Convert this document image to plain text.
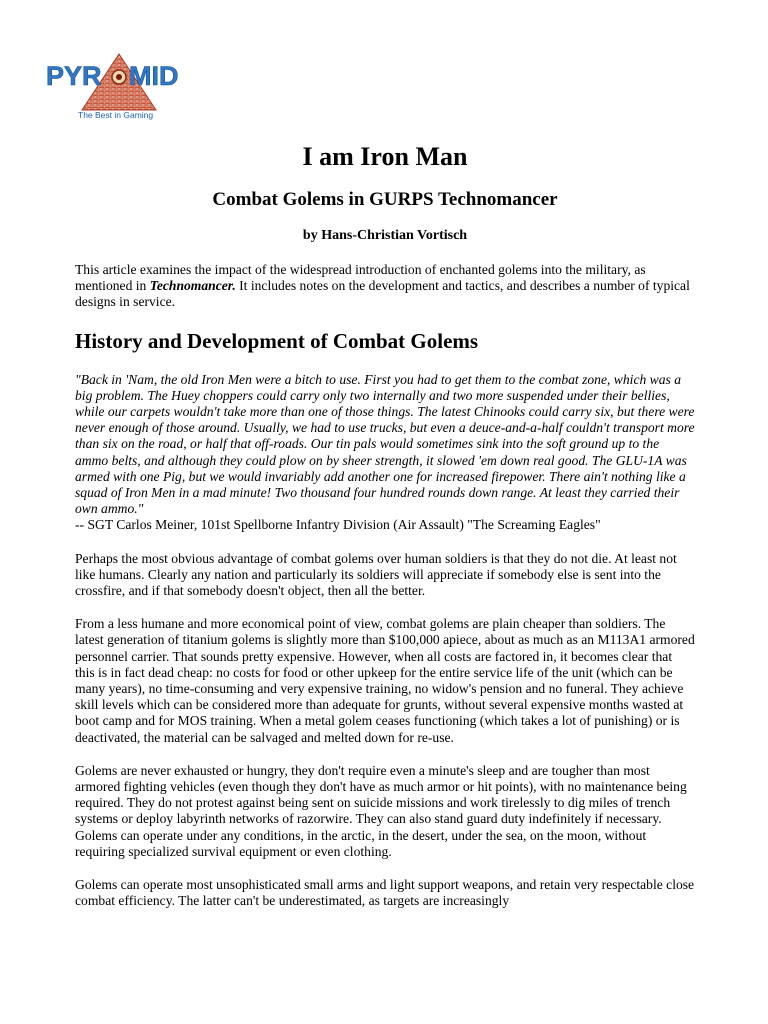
PYR MID
The Best in Gaming
I am Iron Man
Combat Golems in GURPS Technomancer
by Hans-Christian Vortisch

This article examines the impact of the widespread introduction of enchanted golems into the military, as mentioned in Technomancer. It includes notes on the development and tactics, and describes a number of typical designs in service.

History and Development of Combat Golems

"Back in 'Nam, the old Iron Men were a bitch to use. First you had to get them to the combat zone, which was a big problem. The Huey choppers could carry only two internally and two more suspended under their bellies, while our carpets wouldn't take more than one of those things. The latest Chinooks could carry six, but there were never enough of those around. Usually, we had to use trucks, but even a deuce-and-a-half couldn't transport more than six on the road, or half that off-roads. Our tin pals would sometimes sink into the soft ground up to the ammo belts, and although they could plow on by sheer strength, it slowed 'em down real good. The GLU-1A was armed with one Pig, but we would invariably add another one for increased firepower. There ain't nothing like a squad of Iron Men in a mad minute! Two thousand four hundred rounds down range. At least they carried their own ammo."

-- SGT Carlos Meiner, 101st Spellborne Infantry Division (Air Assault) "The Screaming Eagles"

Perhaps the most obvious advantage of combat golems over human soldiers is that they do not die. At least not like humans. Clearly any nation and particularly its soldiers will appreciate if somebody else is sent into the crossfire, and if that somebody doesn't object, then all the better.

From a less humane and more economical point of view, combat golems are plain cheaper than soldiers. The latest generation of titanium golems is slightly more than $100,000 apiece, about as much as an M113A1 armored personnel carrier. That sounds pretty expensive. However, when all costs are factored in, it becomes clear that this is in fact dead cheap: no costs for food or other upkeep for the entire service life of the unit (which can be many years), no time-consuming and very expensive training, no widow's pension and no funeral. They achieve skill levels which can be considered more than adequate for grunts, without several expensive months wasted at boot camp and for MOS training. When a metal golem ceases functioning (which takes a lot of punishing) or is deactivated, the material can be salvaged and melted down for re-use.

Golems are never exhausted or hungry, they don't require even a minute's sleep and are tougher than most armored fighting vehicles (even though they don't have as much armor or hit points), with no maintenance being required. They do not protest against being sent on suicide missions and work tirelessly to dig miles of trench systems or deploy labyrinth networks of razorwire. They can also stand guard duty indefinitely if necessary. Golems can operate under any conditions, in the arctic, in the desert, under the sea, on the moon, without requiring specialized survival equipment or even clothing.

Golems can operate most unsophisticated small arms and light support weapons, and retain very respectable close combat efficiency. The latter can't be underestimated, as targets are increasingly
